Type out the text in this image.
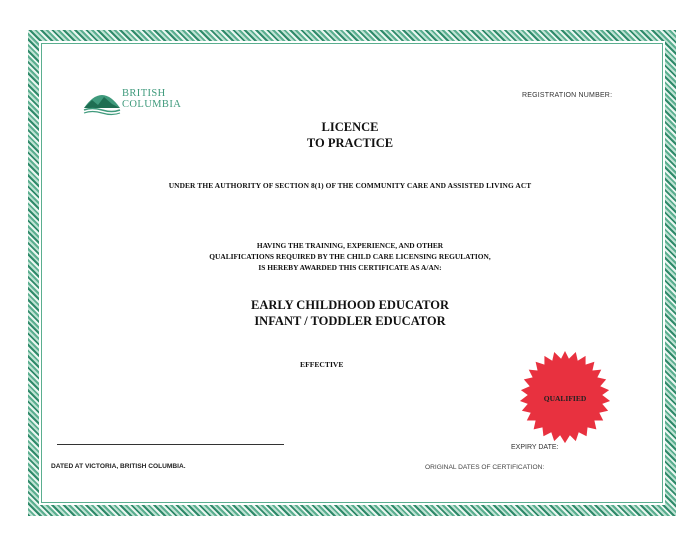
BRITISH
COLUMBIA
REGISTRATION NUMBER:
LICENCE
TO PRACTICE
UNDER THE AUTHORITY OF SECTION 8(1) OF THE COMMUNITY CARE AND ASSISTED LIVING ACT
HAVING THE TRAINING, EXPERIENCE, AND OTHER
QUALIFICATIONS REQUIRED BY THE CHILD CARE LICENSING REGULATION,
IS HEREBY AWARDED THIS CERTIFICATE AS A/AN:
EARLY CHILDHOOD EDUCATOR
INFANT / TODDLER EDUCATOR
EFFECTIVE
QUALIFIED
EXPIRY DATE:
DATED AT VICTORIA, BRITISH COLUMBIA.	ORIGINAL DATES OF CERTIFICATION:
